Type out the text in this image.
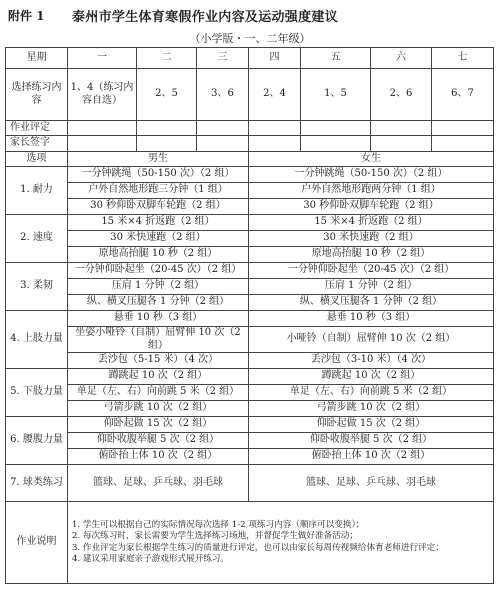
附件 1 泰州市学生体育寒假作业内容及运动强度建议
（小学版・一、二年级）
星期	一	二	三	四	五	六	七
选择练习内容	1、4（练习内容自选）	2、5	3、6	2、4	1、5	2、6	6、7
作业评定							
家长签字							
选项	男生			女生			
1. 耐力	一分钟跳绳（50-150 次）（2 组）			一分钟跳绳（50-150 次）（2 组）			
	户外自然地形跑三分钟（1 组）			户外自然地形跑两分钟（1 组）			
	30 秒仰卧双脚车轮跑（2 组）			30 秒仰卧双脚车轮跑（2 组）			
2. 速度	15 米×4 折返跑（2 组）			15 米×4 折返跑（2 组）			
	30 米快速跑（2 组）			30 米快速跑（2 组）			
	原地高抬腿 10 秒（2 组）			原地高抬腿 10 秒（2 组）			
3. 柔韧	一分钟仰卧起坐（20-45 次）（2 组）			一分钟仰卧起坐（20-45 次）（2 组）			
	压肩 1 分钟（2 组）			压肩 1 分钟（2 组）			
	纵、横叉压腿各 1 分钟（2 组）			纵、横叉压腿各 1 分钟（2 组）			
4. 上肢力量	悬垂 10 秒（3 组）			悬垂 10 秒（3 组）			
	坐姿小哑铃（自制）屈臂伸 10 次（2 组）			小哑铃（自制）屈臂伸 10 次（2 组）			
	丢沙包（5-15 米）（4 次）			丢沙包（3-10 米）（4 次）			
5. 下肢力量	蹲跳起 10 次（2 组）			蹲跳起 10 次（2 组）			
	单足（左、右）向前跳 5 米（2 组）			单足（左、右）向前跳 5 米（2 组）			
	弓箭步跳 10 次（2 组）			弓箭步跳 10 次（2 组）			
6. 腰腹力量	仰卧起做 15 次（2 组）			仰卧起做 15 次（2 组）			
	仰卧收腹举腿 5 次（2 组）			仰卧收腹举腿 5 次（2 组）			
	俯卧抬上体 10 次（2 组）			俯卧抬上体 10 次（2 组）			
7. 球类练习	篮球、足球、乒乓球、羽毛球			篮球、足球、乒乓球、羽毛球			
作业说明	1. 学生可以根据自己的实际情况每次选择 1-2 项练习内容（顺序可以变换）；
2. 每次练习时，家长需要为学生选择练习场地，并督促学生做好准备活动；
3. 作业评定为家长根据学生练习的质量进行评定，也可以由家长每周传视频给体育老师进行评定；
4. 建议采用家庭亲子游戏形式展开练习。						
